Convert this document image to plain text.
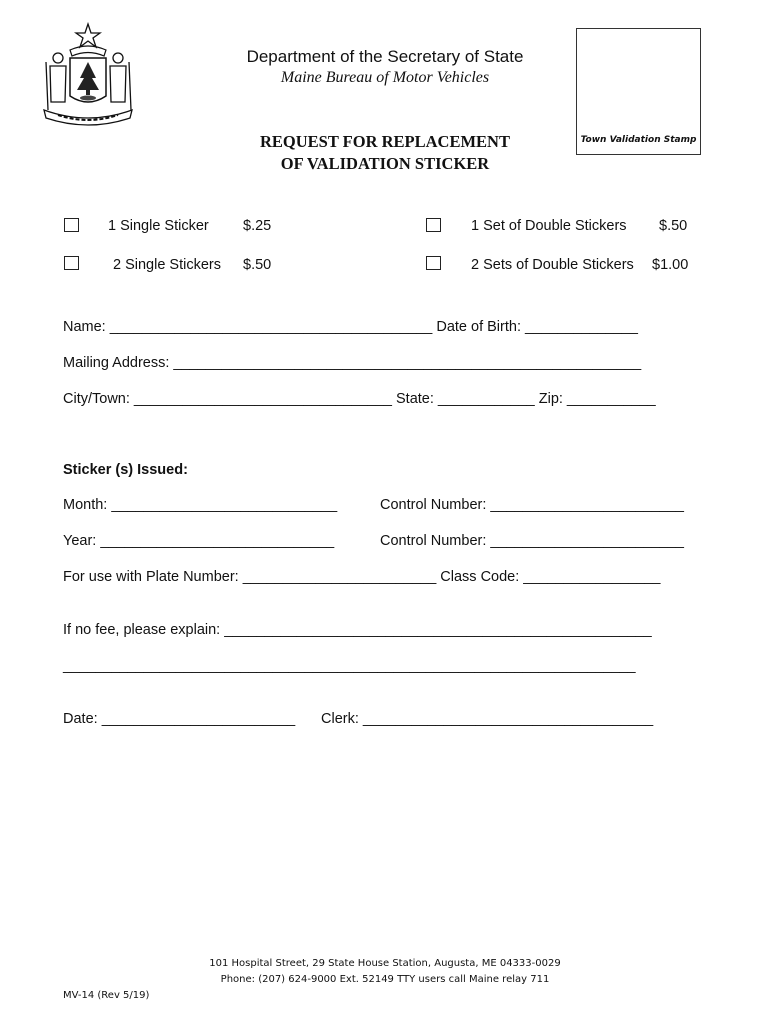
Department of the Secretary of State
Maine Bureau of Motor Vehicles
REQUEST FOR REPLACEMENT
OF VALIDATION STICKER
Town Validation Stamp
1 Single Sticker $.25
2 Single Stickers $.50
1 Set of Double Stickers $.50
2 Sets of Double Stickers $1.00
Name: ________________________________________ Date of Birth: ______________
Mailing Address: __________________________________________________________
City/Town: ________________________________ State: ____________ Zip: ___________
Sticker (s) Issued:
Month: ____________________________	Control Number: ________________________
Year: _____________________________	Control Number: ________________________
For use with Plate Number: ________________________ Class Code: _________________
If no fee, please explain: _____________________________________________________
_______________________________________________________________________
Date: ________________________ Clerk: ____________________________________
101 Hospital Street, 29 State House Station, Augusta, ME 04333-0029
Phone: (207) 624-9000 Ext. 52149 TTY users call Maine relay 711
MV-14 (Rev 5/19)
